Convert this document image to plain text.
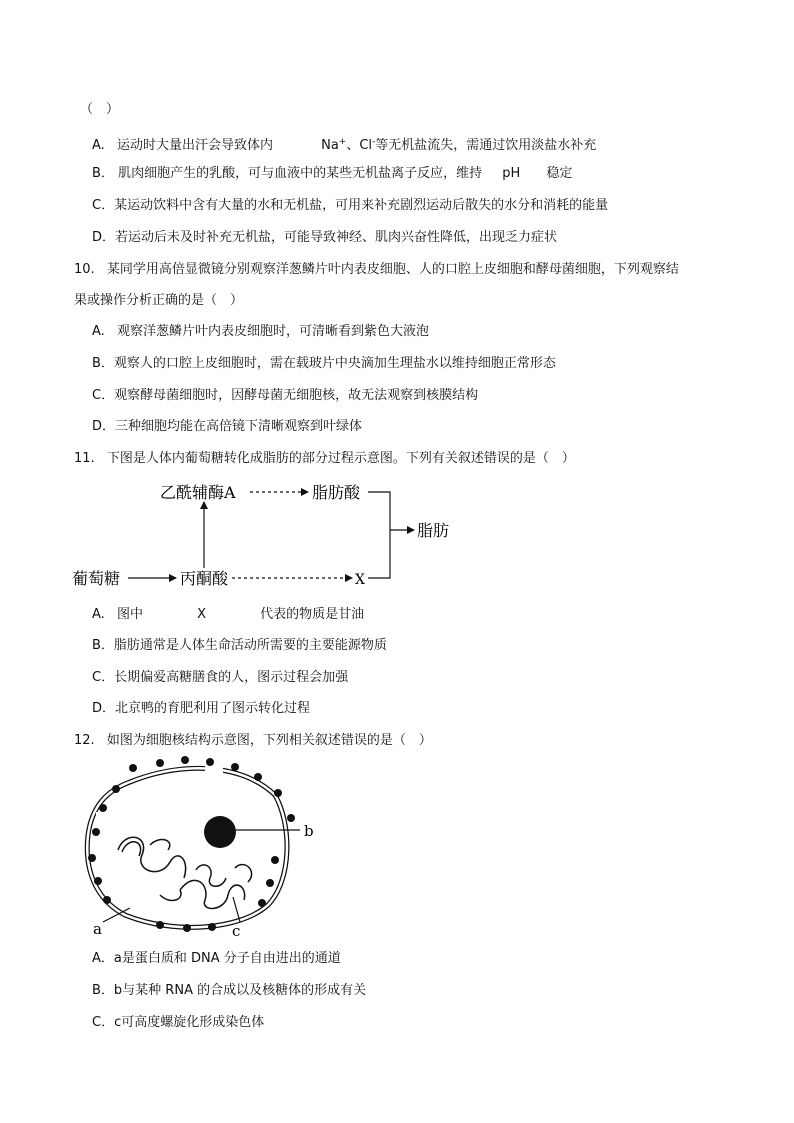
（　）
A. 运动时大量出汗会导致体内	Na+、Cl-等无机盐流失，需通过饮用淡盐水补充
B． 肌肉细胞产生的乳酸，可与血液中的某些无机盐离子反应，维持 pH 稳定
C．某运动饮料中含有大量的水和无机盐，可用来补充剧烈运动后散失的水分和消耗的能量
D．若运动后未及时补充无机盐，可能导致神经、肌肉兴奋性降低，出现乏力症状
10. 某同学用高倍显微镜分别观察洋葱鳞片叶内表皮细胞、人的口腔上皮细胞和酵母菌细胞，下列观察结
果或操作分析正确的是（　）
A. 观察洋葱鳞片叶内表皮细胞时，可清晰看到紫色大液泡
B．观察人的口腔上皮细胞时，需在载玻片中央滴加生理盐水以维持细胞正常形态
C．观察酵母菌细胞时，因酵母菌无细胞核，故无法观察到核膜结构
D．三种细胞均能在高倍镜下清晰观察到叶绿体
11. 下图是人体内葡萄糖转化成脂肪的部分过程示意图。下列有关叙述错误的是（　）
乙酰辅酶A	脂肪酸
脂肪
葡萄糖	丙酮酸	X
b
c
a
A. 图中	X	代表的物质是甘油
B．脂肪通常是人体生命活动所需要的主要能源物质
C．长期偏爱高糖膳食的人，图示过程会加强
D．北京鸭的育肥利用了图示转化过程
12. 如图为细胞核结构示意图，下列相关叙述错误的是（　）
A．a是蛋白质和 DNA 分子自由进出的通道
B．b与某种 RNA 的合成以及核糖体的形成有关
C．c可高度螺旋化形成染色体
